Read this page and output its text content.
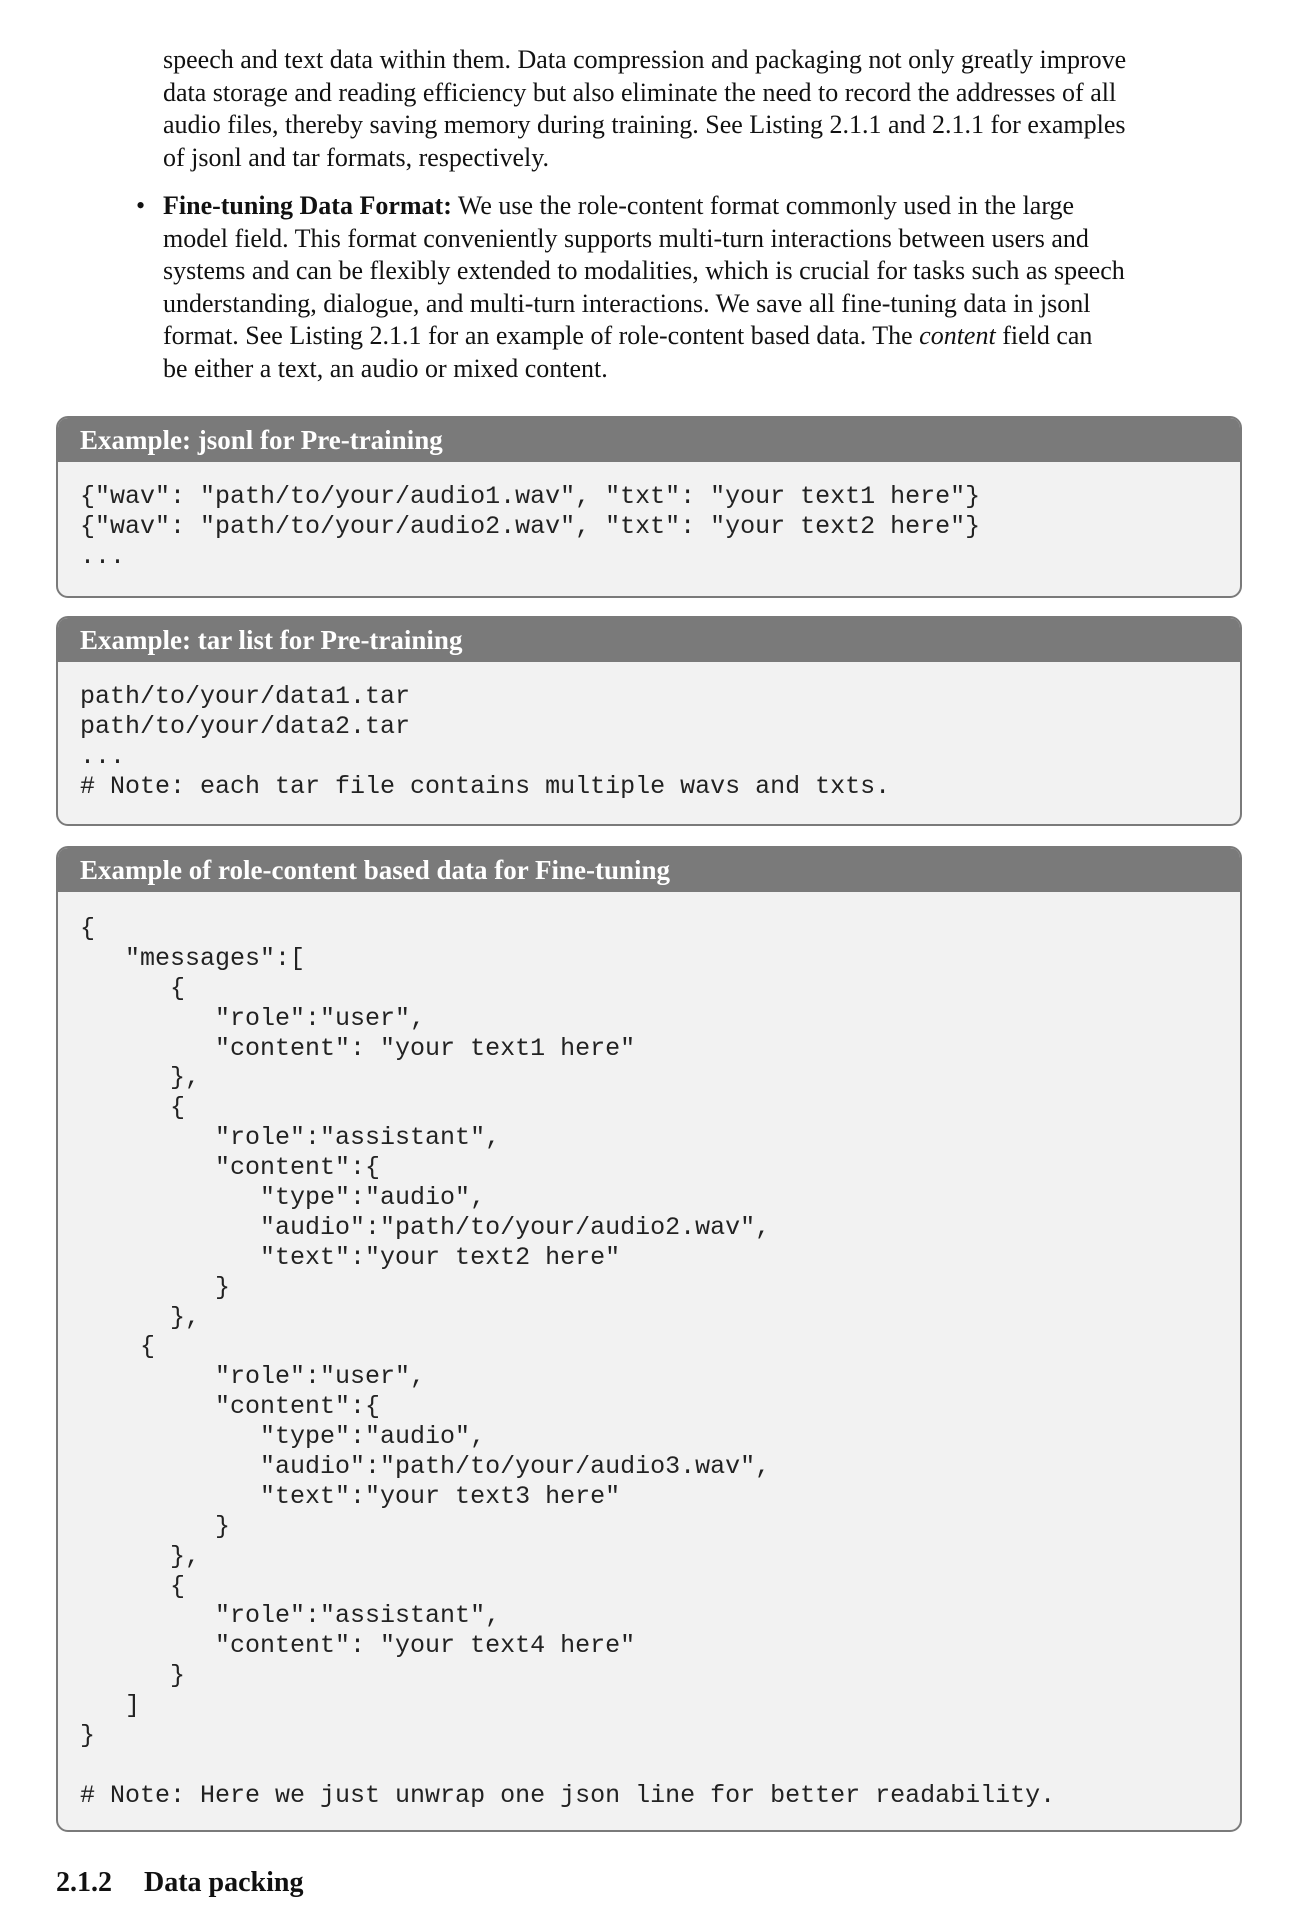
speech and text data within them. Data compression and packaging not only greatly improve
data storage and reading efficiency but also eliminate the need to record the addresses of all
audio files, thereby saving memory during training. See Listing 2.1.1 and 2.1.1 for examples
of jsonl and tar formats, respectively.
• Fine-tuning Data Format: We use the role-content format commonly used in the large
model field. This format conveniently supports multi-turn interactions between users and
systems and can be flexibly extended to modalities, which is crucial for tasks such as speech
understanding, dialogue, and multi-turn interactions. We save all fine-tuning data in jsonl
format. See Listing 2.1.1 for an example of role-content based data. The content field can
be either a text, an audio or mixed content.
Example: jsonl for Pre-training
{"wav": "path/to/your/audio1.wav", "txt": "your text1 here"}
{"wav": "path/to/your/audio2.wav", "txt": "your text2 here"}
...
Example: tar list for Pre-training
path/to/your/data1.tar
path/to/your/data2.tar
...
# Note: each tar file contains multiple wavs and txts.
Example of role-content based data for Fine-tuning
{
"messages":[
{
"role":"user",
"content": "your text1 here"
},
{
"role":"assistant",
"content":{
"type":"audio",
"audio":"path/to/your/audio2.wav",
"text":"your text2 here"
}
},
{
"role":"user",
"content":{
"type":"audio",
"audio":"path/to/your/audio3.wav",
"text":"your text3 here"
}
},
{
"role":"assistant",
"content": "your text4 here"
}
]
}
# Note: Here we just unwrap one json line for better readability.
2.1.2 Data packing
